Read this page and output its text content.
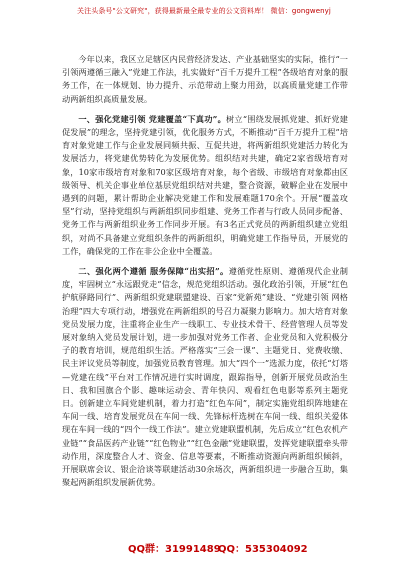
关注头条号"公文研究"，获得最新最全最专业的公文资料库！ 微信：gongwenyj

今年以来，我区立足辖区内民营经济发达、产业基础坚实的实际，推行“一引领两遵循三融入”党建工作法，扎实做好“百千万提升工程”各级培育对象的服务工作，在一体规划、协力提升、示范带动上聚力用劲，以高质量党建工作带动两新组织高质量发展。

一、强化党建引领 党建覆盖“下真功”。树立“围绕发展抓党建、抓好党建促发展”的理念，坚持党建引领，优化服务方式，不断推动“百千万提升工程”培育对象党建工作与企业发展同频共振、互促共进，将两新组织党建活力转化为发展活力，将党建优势转化为发展优势。组织结对共建，确定2家省级培育对象，10家市级培育对象和70家区级培育对象，每个省级、市级培育对象都由区级领导、机关企事业单位基层党组织结对共建，整合资源，破解企业在发展中遇到的问题，累计帮助企业解决党建工作和发展难题170余个。开展“覆盖攻坚”行动，坚持党组织与两新组织同步组建、党务工作者与行政人员同步配备、党务工作与两新组织业务工作同步开展。有3名正式党员的两新组织建立党组织，对尚不具备建立党组织条件的两新组织，明确党建工作指导员，开展党的工作，确保党的工作在非公企业中全覆盖。

二、强化两个遵循 服务保障“出实招”。遵循党性原则、遵循现代企业制度，牢固树立“永远跟党走”信念，规范党组织活动。强化政治引领，开展“红色护航驿路同行”、两新组织党建联盟建设、百家“党新苑”建设、“党建引领 网格治理”四大专项行动，增强党在两新组织的号召力凝聚力影响力。加大培育对象党员发展力度，注重将企业生产一线职工、专业技术骨干、经营管理人员等发展对象纳入党员发展计划，进一步加强对党务工作者、企业党员和入党积极分子的教育培训，规范组织生活。严格落实“三会一课”、主题党日、党费收缴、民主评议党员等制度，加强党员教育管理。加大“四个一”选派力度，依托“灯塔—党建在线”平台对工作情况进行实时调度，跟踪指导，创新开展党员政治生日、我和国旗合个影、趣味运动会、青年快闪、观看红色电影等系列主题党日。创新建立车间党建机制，着力打造“红色车间”，制定实施党组织阵地建在车间一线、培育发展党员在车间一线、先锋标杆选树在车间一线、组织关爱体现在车间一线的“四个一线工作法”。建立党建联盟机制，先后成立“红色农机产业链”“食品医药产业链”“红色物业”“红色金融”党建联盟，发挥党建联盟牵头带动作用，深度整合人才、资金、信息等要素，不断推动资源向两新组织倾斜，开展联席会议、银企洽谈等联建活动30余场次，两新组织进一步融合互助，集聚起两新组织发展新优势。

QQ群：31991489
QQ：535304092
